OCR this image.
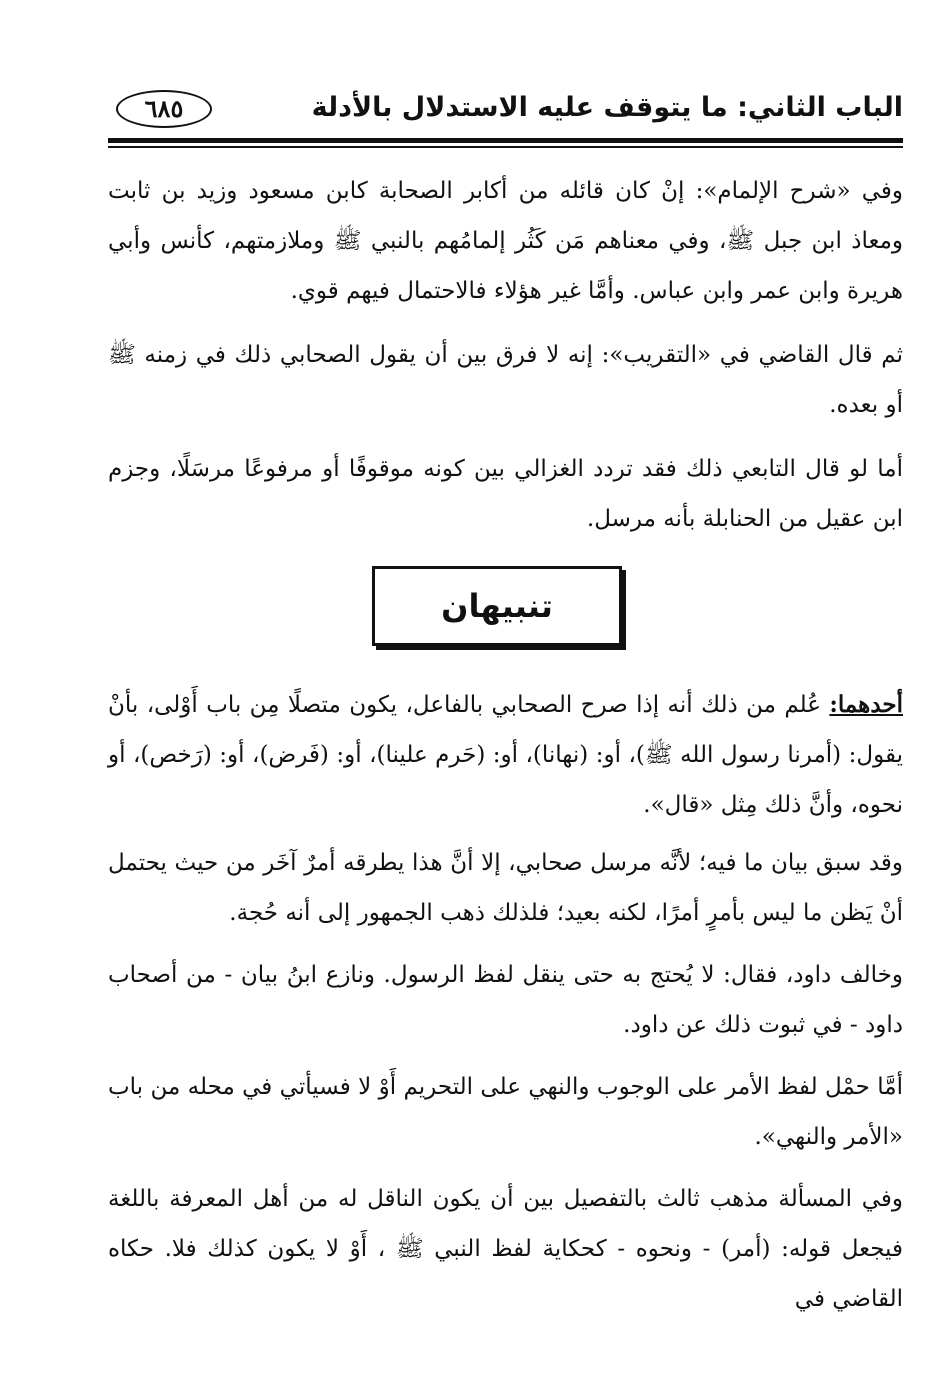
٦٨٥	الباب الثاني: ما يتوقف عليه الاستدلال بالأدلة

وفي «شرح الإلمام»: إنْ كان قائله من أكابر الصحابة كابن مسعود وزيد بن ثابت ومعاذ ابن جبل ﷺ، وفي معناهم مَن كَثُر إلمامُهم بالنبي ﷺ وملازمتهم، كأنس وأبي هريرة وابن عمر وابن عباس. وأمَّا غير هؤلاء فالاحتمال فيهم قوي.

ثم قال القاضي في «التقريب»: إنه لا فرق بين أن يقول الصحابي ذلك في زمنه ﷺ أو بعده.

أما لو قال التابعي ذلك فقد تردد الغزالي بين كونه موقوفًا أو مرفوعًا مرسَلًا، وجزم ابن عقيل من الحنابلة بأنه مرسل.

تنبيهان

أحدهما: عُلم من ذلك أنه إذا صرح الصحابي بالفاعل، يكون متصلًا مِن باب أَوْلى، بأنْ يقول: (أمرنا رسول الله ﷺ)، أو: (نهانا)، أو: (حَرم علينا)، أو: (فَرض)، أو: (رَخص)، أو نحوه، وأنَّ ذلك مِثل «قال».

وقد سبق بيان ما فيه؛ لأنَّه مرسل صحابي، إلا أنَّ هذا يطرقه أمرٌ آخَر من حيث يحتمل أنْ يَظن ما ليس بأمرٍ أمرًا، لكنه بعيد؛ فلذلك ذهب الجمهور إلى أنه حُجة.

وخالف داود، فقال: لا يُحتج به حتى ينقل لفظ الرسول. ونازع ابنُ بيان - من أصحاب داود - في ثبوت ذلك عن داود.

أمَّا حمْل لفظ الأمر على الوجوب والنهي على التحريم أَوْ لا فسيأتي في محله من باب «الأمر والنهي».

وفي المسألة مذهب ثالث بالتفصيل بين أن يكون الناقل له من أهل المعرفة باللغة فيجعل قوله: (أمر) - ونحوه - كحكاية لفظ النبي ﷺ ، أَوْ لا يكون كذلك فلا. حكاه القاضي في
